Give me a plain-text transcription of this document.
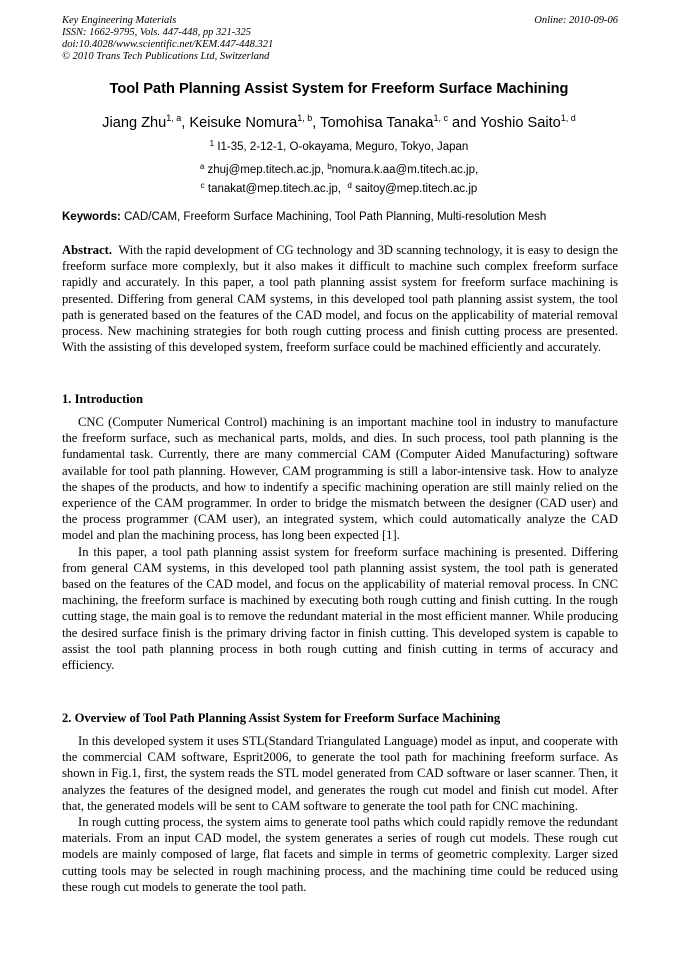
Key Engineering Materials
ISSN: 1662-9795, Vols. 447-448, pp 321-325
doi:10.4028/www.scientific.net/KEM.447-448.321
© 2010 Trans Tech Publications Ltd, Switzerland
Online: 2010-09-06
Tool Path Planning Assist System for Freeform Surface Machining
Jiang Zhu$^{1, a}$, Keisuke Nomura$^{1, b}$, Tomohisa Tanaka$^{1, c}$ and Yoshio Saito$^{1, d}$
$^1$ I1-35, 2-12-1, O-okayama, Meguro, Tokyo, Japan
$^a$ zhuj@mep.titech.ac.jp, $^b$nomura.k.aa@m.titech.ac.jp,
$^c$ tanakat@mep.titech.ac.jp, $^d$ saitoy@mep.titech.ac.jp
Keywords: CAD/CAM, Freeform Surface Machining, Tool Path Planning, Multi-resolution Mesh

Abstract. With the rapid development of CG technology and 3D scanning technology, it is easy to design the freeform surface more complexly, but it also makes it difficult to machine such complex freeform surface rapidly and accurately. In this paper, a tool path planning assist system for freeform surface machining is presented. Differing from general CAM systems, in this developed tool path planning assist system, the tool path is generated based on the features of the CAD model, and focus on the applicability of material removal process. New machining strategies for both rough cutting process and finish cutting process are presented. With the assisting of this developed system, freeform surface could be machined efficiently and accurately.

1. Introduction

CNC (Computer Numerical Control) machining is an important machine tool in industry to manufacture the freeform surface, such as mechanical parts, molds, and dies. In such process, tool path planning is the fundamental task. Currently, there are many commercial CAM (Computer Aided Manufacturing) software available for tool path planning. However, CAM programming is still a labor-intensive task. How to analyze the shapes of the products, and how to indentify a specific machining operation are still mainly relied on the experience of the CAM programmer. In order to bridge the mismatch between the designer (CAD user) and the process programmer (CAM user), an integrated system, which could automatically analyze the CAD model and plan the machining process, has long been expected [1].

In this paper, a tool path planning assist system for freeform surface machining is presented. Differing from general CAM systems, in this developed tool path planning assist system, the tool path is generated based on the features of the CAD model, and focus on the applicability of material removal process. In CNC machining, the freeform surface is machined by executing both rough cutting and finish cutting. In the rough cutting stage, the main goal is to remove the redundant material in the most efficient manner. While producing the desired surface finish is the primary driving factor in finish cutting. This developed system is capable to assist the tool path planning process in both rough cutting and finish cutting in terms of accuracy and efficiency.

2. Overview of Tool Path Planning Assist System for Freeform Surface Machining

In this developed system it uses STL(Standard Triangulated Language) model as input, and cooperate with the commercial CAM software, Esprit2006, to generate the tool path for machining freeform surface. As shown in Fig.1, first, the system reads the STL model generated from CAD software or laser scanner. Then, it analyzes the features of the designed model, and generates the rough cut model and finish cut model. After that, the generated models will be sent to CAM software to generate the tool path for CNC machining.

In rough cutting process, the system aims to generate tool paths which could rapidly remove the redundant materials. From an input CAD model, the system generates a series of rough cut models. These rough cut models are mainly composed of large, flat facets and simple in terms of geometric complexity. Larger sized cutting tools may be selected in rough machining process, and the machining time could be reduced using these rough cut models to generate the tool path.
